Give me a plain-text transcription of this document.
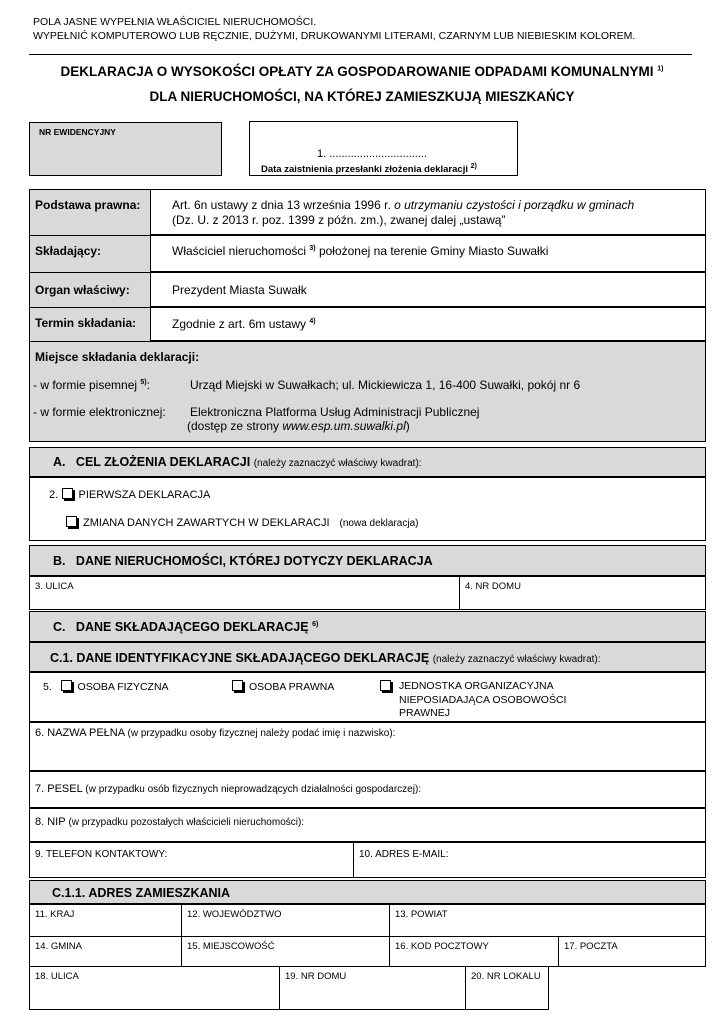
POLA JASNE WYPEŁNIA WŁAŚCICIEL NIERUCHOMOŚCI.
WYPEŁNIĆ KOMPUTEROWO LUB RĘCZNIE, DUŻYMI, DRUKOWANYMI LITERAMI, CZARNYM LUB NIEBIESKIM KOLOREM.
DEKLARACJA O WYSOKOŚCI OPŁATY ZA GOSPODAROWANIE ODPADAMI KOMUNALNYMI $^{1)}$
DLA NIERUCHOMOŚCI, NA KTÓREJ ZAMIESZKUJĄ MIESZKAŃCY
NR EWIDENCYJNY
1. ................................
Data zaistnienia przesłanki złożenia deklaracji $^{2)}$
Podstawa prawna:	Art. 6n ustawy z dnia 13 września 1996 r. o utrzymaniu czystości i porządku w gminach
(Dz. U. z 2013 r. poz. 1399 z późn. zm.), zwanej dalej „ustawą”
Składający:	Właściciel nieruchomości $^{3)}$ położonej na terenie Gminy Miasto Suwałki
Organ właściwy:	Prezydent Miasta Suwałk
Termin składania:	Zgodnie z art. 6m ustawy $^{4)}$
Miejsce składania deklaracji:
- w formie pisemnej $^{5)}$:	Urząd Miejski w Suwałkach; ul. Mickiewicza 1, 16-400 Suwałki, pokój nr 6
- w formie elektronicznej: Elektroniczna Platforma Usług Administracji Publicznej
(dostęp ze strony www.esp.um.suwalki.pl)
A. CEL ZŁOŻENIA DEKLARACJI (należy zaznaczyć właściwy kwadrat):
2. PIERWSZA DEKLARACJA
ZMIANA DANYCH ZAWARTYCH W DEKLARACJI (nowa deklaracja)
B. DANE NIERUCHOMOŚCI, KTÓREJ DOTYCZY DEKLARACJA
3. ULICA	4. NR DOMU
C. DANE SKŁADAJĄCEGO DEKLARACJĘ $^{6)}$
C.1. DANE IDENTYFIKACYJNE SKŁADAJĄCEGO DEKLARACJĘ (należy zaznaczyć właściwy kwadrat):
5. OSOBA FIZYCZNA	OSOBA PRAWNA	JEDNOSTKA ORGANIZACYJNA
NIEPOSIADAJĄCA OSOBOWOŚCI
PRAWNEJ
6. NAZWA PEŁNA (w przypadku osoby fizycznej należy podać imię i nazwisko):
7. PESEL (w przypadku osób fizycznych nieprowadzących działalności gospodarczej):
8. NIP (w przypadku pozostałych właścicieli nieruchomości):
9. TELEFON KONTAKTOWY:	10. ADRES E-MAIL:
C.1.1. ADRES ZAMIESZKANIA
11. KRAJ	12. WOJEWÓDZTWO	13. POWIAT
14. GMINA	15. MIEJSCOWOŚĆ	16. KOD POCZTOWY	17. POCZTA
18. ULICA	19. NR DOMU	20. NR LOKALU
